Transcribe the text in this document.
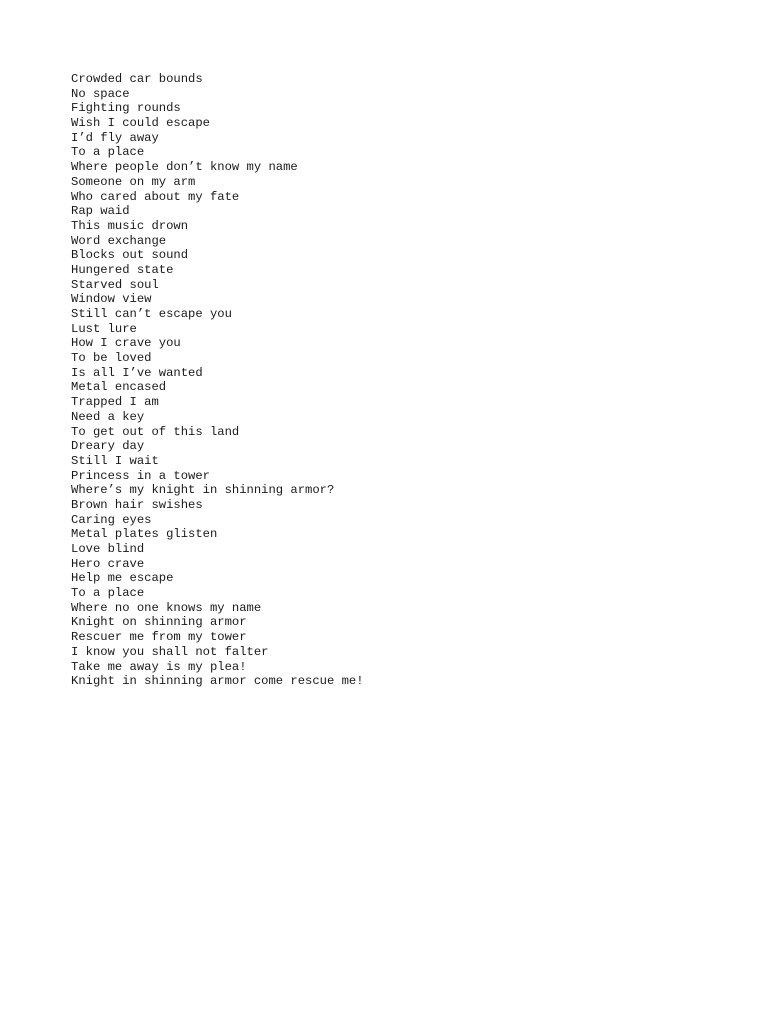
Crowded car bounds
No space
Fighting rounds
Wish I could escape
I’d fly away
To a place
Where people don’t know my name
Someone on my arm
Who cared about my fate
Rap waid
This music drown
Word exchange
Blocks out sound
Hungered state
Starved soul
Window view
Still can’t escape you
Lust lure
How I crave you
To be loved
Is all I’ve wanted
Metal encased
Trapped I am
Need a key
To get out of this land
Dreary day
Still I wait
Princess in a tower
Where’s my knight in shinning armor?
Brown hair swishes
Caring eyes
Metal plates glisten
Love blind
Hero crave
Help me escape
To a place
Where no one knows my name
Knight on shinning armor
Rescuer me from my tower
I know you shall not falter
Take me away is my plea!
Knight in shinning armor come rescue me!
